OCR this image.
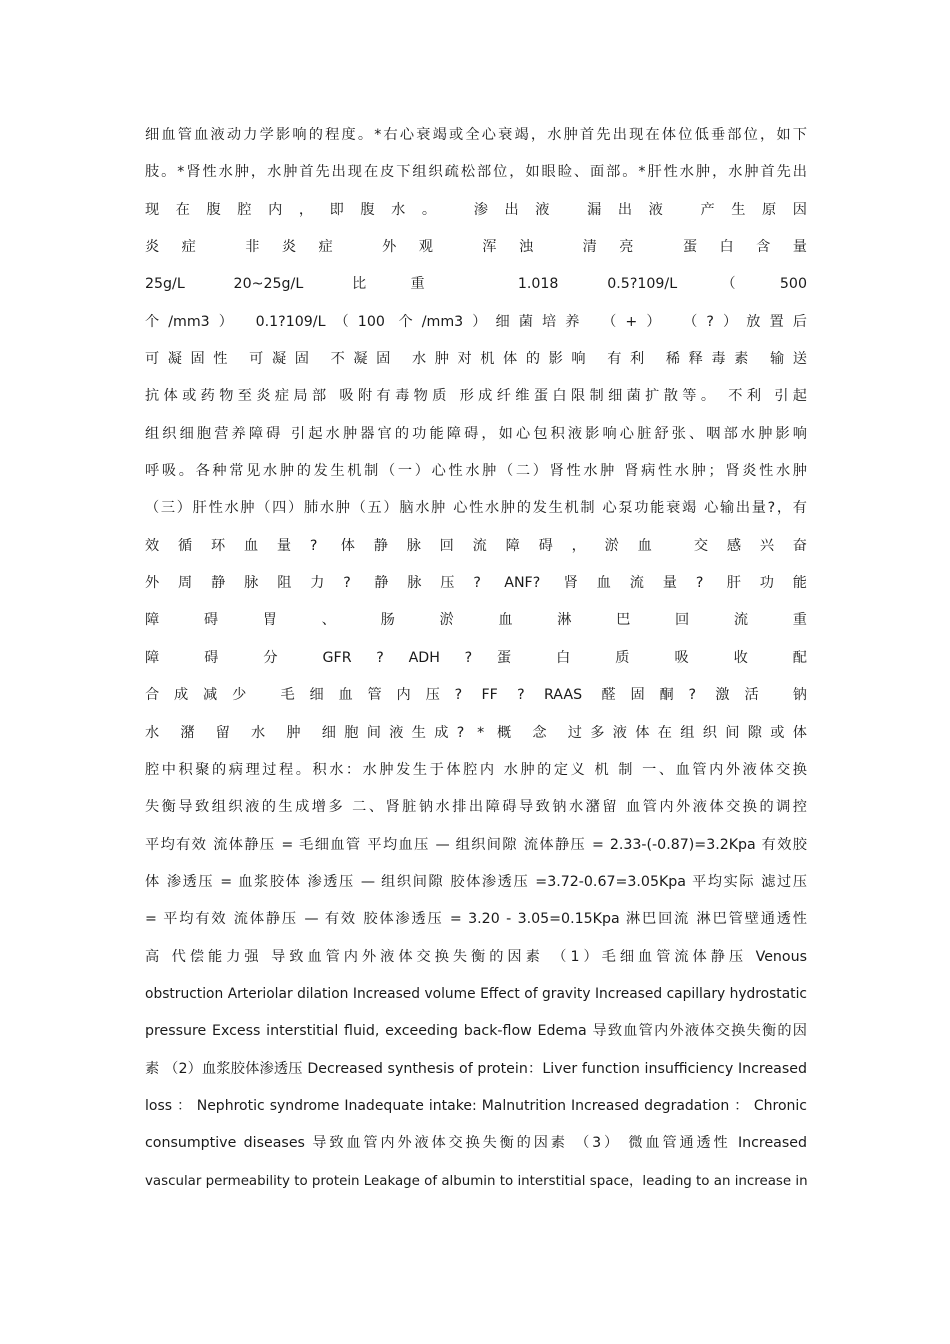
细血管血液动力学影响的程度。*右心衰竭或全心衰竭，水肿首先出现在体位低垂部位，如下
肢。*肾性水肿，水肿首先出现在皮下组织疏松部位，如眼睑、面部。*肝性水肿，水肿首先出
现在腹腔内，即腹水。 渗出液 漏出液 产生原因
炎症 非炎症 外观 浑浊 清亮 蛋白含量
25g/L 20~25g/L 比重 1.018 0.5?109/L（500
个/mm3） 0.1?109/L（100 个/mm3）细菌培养 （+） （?）放置后
可凝固性 可凝固 不凝固 水肿对机体的影响 有利 稀释毒素 输送
抗体或药物至炎症局部 吸附有毒物质 形成纤维蛋白限制细菌扩散等。 不利 引起
组织细胞营养障碍 引起水肿器官的功能障碍，如心包积液影响心脏舒张、咽部水肿影响
呼吸。各种常见水肿的发生机制（一）心性水肿（二）肾性水肿 肾病性水肿；肾炎性水肿
（三）肝性水肿（四）肺水肿（五）脑水肿 心性水肿的发生机制 心泵功能衰竭 心输出量?，有
效循环血量? 体静脉回流障碍，淤血 交感兴奋
外周静脉阻力? 静脉压? ANF? 肾血流量? 肝功能
障 碍 胃 、 肠 淤 血 淋 巴 回 流 重
障 碍 分 GFR ? ADH ? 蛋 白 质 吸 收 配
合成减少 毛细血管内压? FF ? RAAS 醛固酮? 激活 钠
水 潴 留 水 肿 细胞间液生成? * 概 念 过多液体在组织间隙或体
腔中积聚的病理过程。积水：水肿发生于体腔内 水肿的定义 机 制 一、血管内外液体交换
失衡导致组织液的生成增多 二、肾脏钠水排出障碍导致钠水潴留 血管内外液体交换的调控
平均有效 流体静压 = 毛细血管 平均血压 — 组织间隙 流体静压 = 2.33-(-0.87)=3.2Kpa 有效胶
体 渗透压 = 血浆胶体 渗透压 — 组织间隙 胶体渗透压 =3.72-0.67=3.05Kpa 平均实际 滤过压
= 平均有效 流体静压 — 有效 胶体渗透压 = 3.20 - 3.05=0.15Kpa 淋巴回流 淋巴管壁通透性
高 代偿能力强 导致血管内外液体交换失衡的因素 （1）毛细血管流体静压 Venous
obstruction Arteriolar dilation Increased volume Effect of gravity Increased capillary hydrostatic
pressure Excess interstitial fluid, exceeding back-flow Edema 导致血管内外液体交换失衡的因
素 （2）血浆胶体渗透压 Decreased synthesis of protein：Liver function insufficiency Increased
loss ： Nephrotic syndrome Inadequate intake: Malnutrition Increased degradation ： Chronic
consumptive diseases 导致血管内外液体交换失衡的因素 （3） 微血管通透性 Increased
vascular permeability to protein Leakage of albumin to interstitial space，leading to an increase in
